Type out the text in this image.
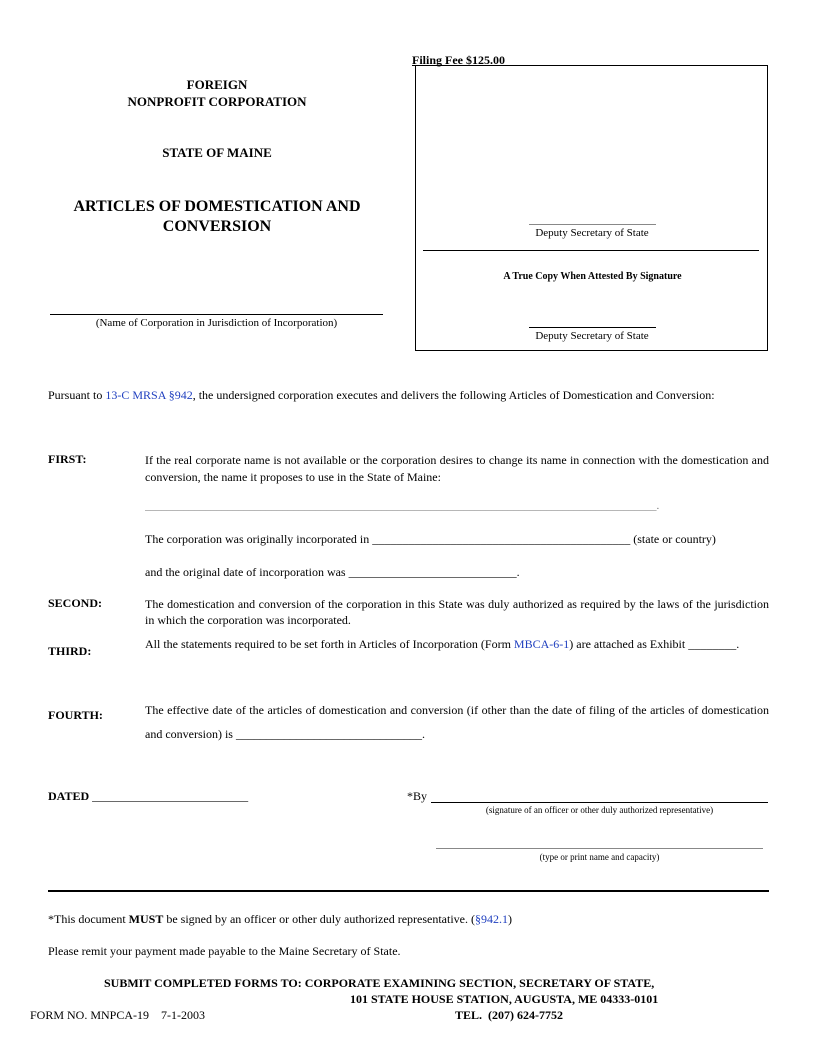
Filing Fee $125.00
FOREIGN
NONPROFIT CORPORATION
STATE OF MAINE
ARTICLES OF DOMESTICATION AND
CONVERSION
(Name of Corporation in Jurisdiction of Incorporation)
Deputy Secretary of State
A True Copy When Attested By Signature
Deputy Secretary of State
Pursuant to 13-C MRSA §942, the undersigned corporation executes and delivers the following Articles of Domestication and Conversion:
FIRST:	If the real corporate name is not available or the corporation desires to change its name in connection with the domestication and conversion, the name it proposes to use in the State of Maine:
_____________________________________________________________________________________________.
The corporation was originally incorporated in ___________________________________________ (state or country)
and the original date of incorporation was ____________________________.
SECOND:	The domestication and conversion of the corporation in this State was duly authorized as required by the laws of the jurisdiction in which the corporation was incorporated.
THIRD:	All the statements required to be set forth in Articles of Incorporation (Form MBCA-6-1) are attached as Exhibit ________.
FOURTH:	The effective date of the articles of domestication and conversion (if other than the date of filing of the articles of domestication and conversion) is _______________________________.
DATED __________________________	*By
(signature of an officer or other duly authorized representative)
(type or print name and capacity)
*This document MUST be signed by an officer or other duly authorized representative. (§942.1)
Please remit your payment made payable to the Maine Secretary of State.
SUBMIT COMPLETED FORMS TO: CORPORATE EXAMINING SECTION, SECRETARY OF STATE,
101 STATE HOUSE STATION, AUGUSTA, ME 04333-0101
FORM NO. MNPCA-19    7-1-2003	TEL.  (207) 624-7752
